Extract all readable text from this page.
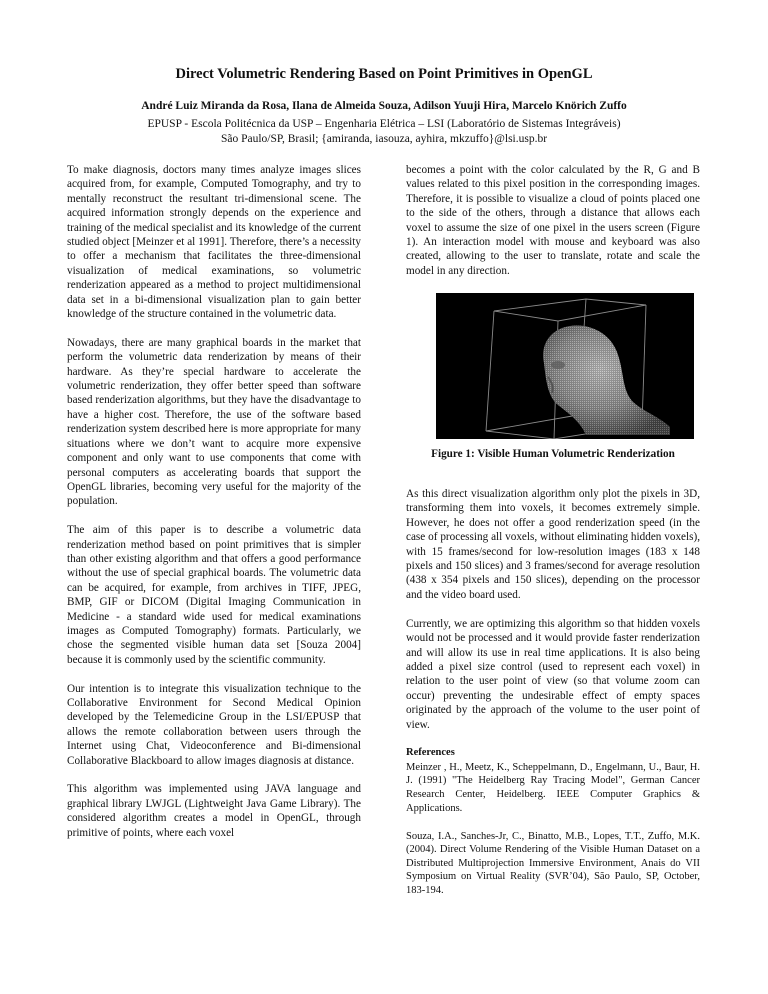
Direct Volumetric Rendering Based on Point Primitives in OpenGL
André Luiz Miranda da Rosa, Ilana de Almeida Souza, Adilson Yuuji Hira, Marcelo Knörich Zuffo
EPUSP - Escola Politécnica da USP – Engenharia Elétrica – LSI (Laboratório de Sistemas Integráveis)
São Paulo/SP, Brasil; {amiranda, iasouza, ayhira, mkzuffo}@lsi.usp.br

To make diagnosis, doctors many times analyze images slices acquired from, for example, Computed Tomography, and try to mentally reconstruct the resultant tri-dimensional scene. The acquired information strongly depends on the experience and training of the medical specialist and its knowledge of the current studied object [Meinzer et al 1991]. Therefore, there’s a necessity to offer a mechanism that facilitates the three-dimensional visualization of medical examinations, so volumetric renderization appeared as a method to project multidimensional data set in a bi-dimensional visualization plan to gain better knowledge of the structure contained in the volumetric data.

Nowadays, there are many graphical boards in the market that perform the volumetric data renderization by means of their hardware. As they’re special hardware to accelerate the volumetric renderization, they offer better speed than software based renderization algorithms, but they have the disadvantage to have a higher cost. Therefore, the use of the software based renderization system described here is more appropriate for many situations where we don’t want to acquire more expensive component and only want to use components that come with personal computers as accelerating boards that support the OpenGL libraries, becoming very useful for the majority of the population.

The aim of this paper is to describe a volumetric data renderization method based on point primitives that is simpler than other existing algorithm and that offers a good performance without the use of special graphical boards. The volumetric data can be acquired, for example, from archives in TIFF, JPEG, BMP, GIF or DICOM (Digital Imaging Communication in Medicine - a standard wide used for medical examinations images as Computed Tomography) formats. Particularly, we chose the segmented visible human data set [Souza 2004] because it is commonly used by the scientific community.

Our intention is to integrate this visualization technique to the Collaborative Environment for Second Medical Opinion developed by the Telemedicine Group in the LSI/EPUSP that allows the remote collaboration between users through the Internet using Chat, Videoconference and Bi-dimensional Collaborative Blackboard to allow images diagnosis at distance.

This algorithm was implemented using JAVA language and graphical library LWJGL (Lightweight Java Game Library). The considered algorithm creates a model in OpenGL, through primitive of points, where each voxel

becomes a point with the color calculated by the R, G and B values related to this pixel position in the corresponding images. Therefore, it is possible to visualize a cloud of points placed one to the side of the others, through a distance that allows each voxel to assume the size of one pixel in the users screen (Figure 1). An interaction model with mouse and keyboard was also created, allowing to the user to translate, rotate and scale the model in any direction.

Figure 1: Visible Human Volumetric Renderization

As this direct visualization algorithm only plot the pixels in 3D, transforming them into voxels, it becomes extremely simple. However, he does not offer a good renderization speed (in the case of processing all voxels, without eliminating hidden voxels), with 15 frames/second for low-resolution images (183 x 148 pixels and 150 slices) and 3 frames/second for average resolution (438 x 354 pixels and 150 slices), depending on the processor and the video board used.

Currently, we are optimizing this algorithm so that hidden voxels would not be processed and it would provide faster renderization and will allow its use in real time applications. It is also being added a pixel size control (used to represent each voxel) in relation to the user point of view (so that volume zoom can occur) preventing the undesirable effect of empty spaces originated by the approach of the volume to the user point of view.

References

Meinzer , H., Meetz, K., Scheppelmann, D., Engelmann, U., Baur, H. J. (1991) "The Heidelberg Ray Tracing Model", German Cancer Research Center, Heidelberg. IEEE Computer Graphics & Applications.

Souza, I.A., Sanches-Jr, C., Binatto, M.B., Lopes, T.T., Zuffo, M.K. (2004). Direct Volume Rendering of the Visible Human Dataset on a Distributed Multiprojection Immersive Environment, Anais do VII Symposium on Virtual Reality (SVR’04), São Paulo, SP, October, 183-194.
